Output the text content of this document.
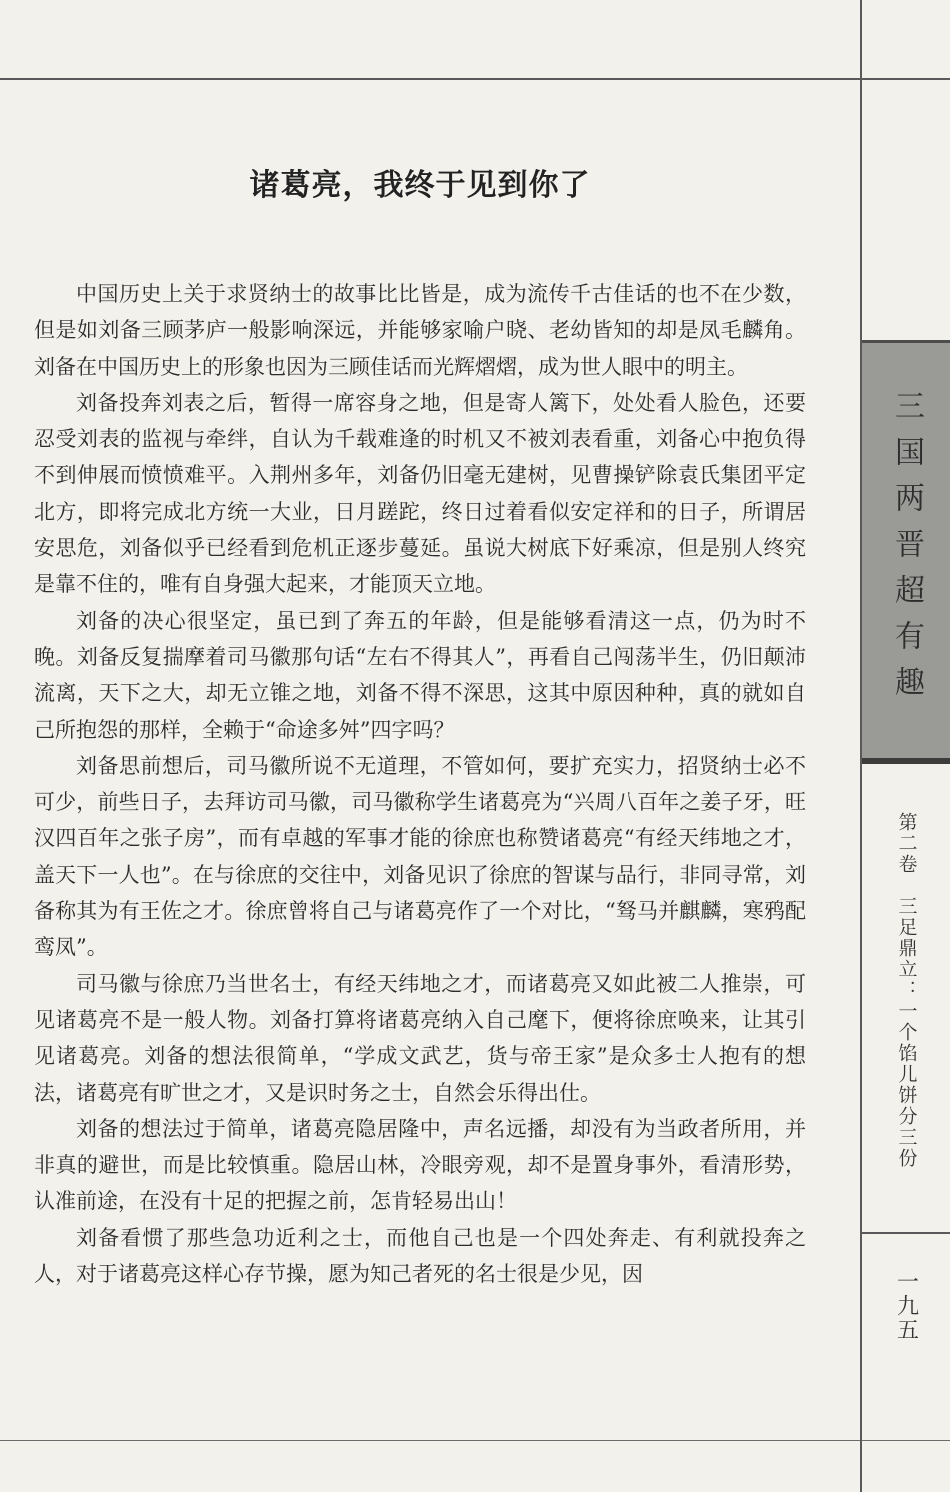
诸葛亮，我终于见到你了

中国历史上关于求贤纳士的故事比比皆是，成为流传千古佳话的也不在少数，但是如刘备三顾茅庐一般影响深远，并能够家喻户晓、老幼皆知的却是凤毛麟角。刘备在中国历史上的形象也因为三顾佳话而光辉熠熠，成为世人眼中的明主。

刘备投奔刘表之后，暂得一席容身之地，但是寄人篱下，处处看人脸色，还要忍受刘表的监视与牵绊，自认为千载难逢的时机又不被刘表看重，刘备心中抱负得不到伸展而愤愤难平。入荆州多年，刘备仍旧毫无建树，见曹操铲除袁氏集团平定北方，即将完成北方统一大业，日月蹉跎，终日过着看似安定祥和的日子，所谓居安思危，刘备似乎已经看到危机正逐步蔓延。虽说大树底下好乘凉，但是别人终究是靠不住的，唯有自身强大起来，才能顶天立地。

刘备的决心很坚定，虽已到了奔五的年龄，但是能够看清这一点，仍为时不晚。刘备反复揣摩着司马徽那句话“左右不得其人”，再看自己闯荡半生，仍旧颠沛流离，天下之大，却无立锥之地，刘备不得不深思，这其中原因种种，真的就如自己所抱怨的那样，全赖于“命途多舛”四字吗？

刘备思前想后，司马徽所说不无道理，不管如何，要扩充实力，招贤纳士必不可少，前些日子，去拜访司马徽，司马徽称学生诸葛亮为“兴周八百年之姜子牙，旺汉四百年之张子房”，而有卓越的军事才能的徐庶也称赞诸葛亮“有经天纬地之才，盖天下一人也”。在与徐庶的交往中，刘备见识了徐庶的智谋与品行，非同寻常，刘备称其为有王佐之才。徐庶曾将自己与诸葛亮作了一个对比，“驽马并麒麟，寒鸦配鸾凤”。

司马徽与徐庶乃当世名士，有经天纬地之才，而诸葛亮又如此被二人推崇，可见诸葛亮不是一般人物。刘备打算将诸葛亮纳入自己麾下，便将徐庶唤来，让其引见诸葛亮。刘备的想法很简单，“学成文武艺，货与帝王家”是众多士人抱有的想法，诸葛亮有旷世之才，又是识时务之士，自然会乐得出仕。

刘备的想法过于简单，诸葛亮隐居隆中，声名远播，却没有为当政者所用，并非真的避世，而是比较慎重。隐居山林，冷眼旁观，却不是置身事外，看清形势，认准前途，在没有十足的把握之前，怎肯轻易出山！

刘备看惯了那些急功近利之士，而他自己也是一个四处奔走、有利就投奔之人，对于诸葛亮这样心存节操，愿为知己者死的名士很是少见，因

三国两晋超有趣
第二卷　三足鼎立：一个馅儿饼分三份
一九五
